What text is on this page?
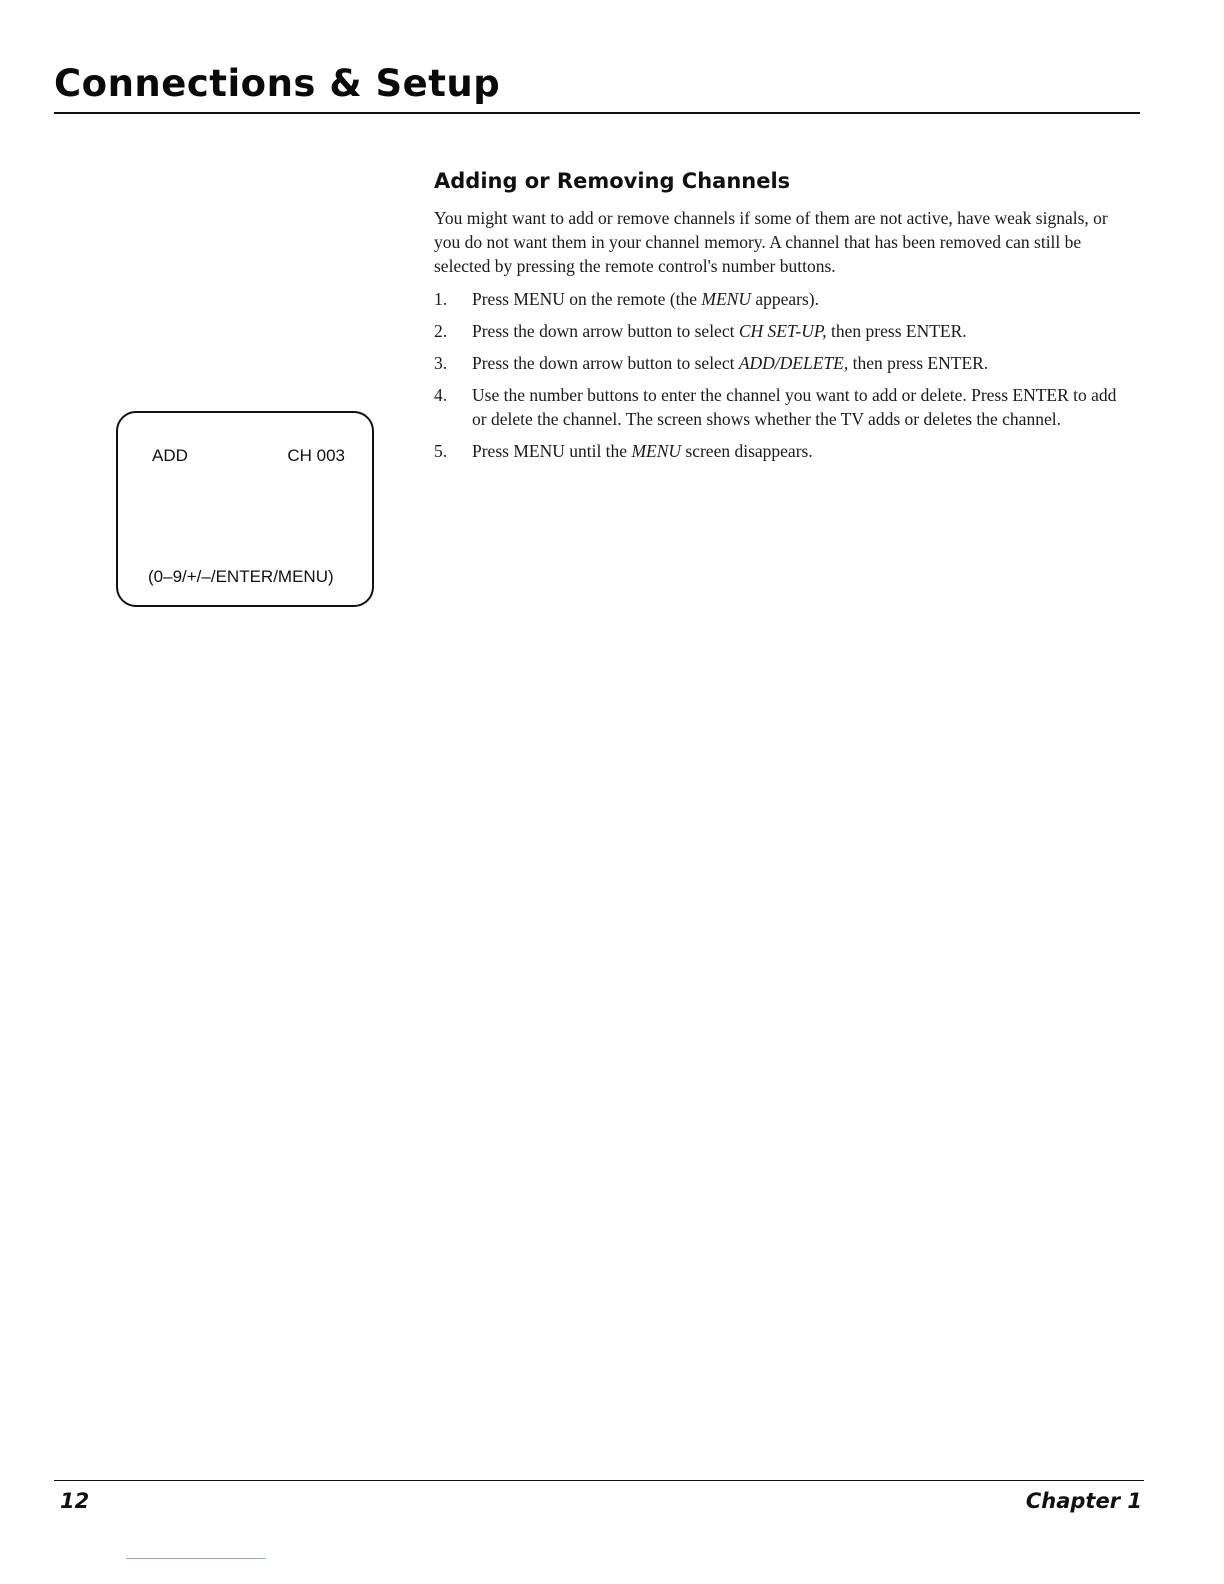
Connections & Setup
ADD	CH 003
(0–9/+/–/ENTER/MENU)
Adding or Removing Channels

You might want to add or remove channels if some of them are not active, have weak signals, or you do not want them in your channel memory. A channel that has been removed can still be selected by pressing the remote control's number buttons.

1. Press MENU on the remote (the MENU appears).
2. Press the down arrow button to select CH SET-UP, then press ENTER.
3. Press the down arrow button to select ADD/DELETE, then press ENTER.
4. Use the number buttons to enter the channel you want to add or delete. Press ENTER to add or delete the channel. The screen shows whether the TV adds or deletes the channel.
5. Press MENU until the MENU screen disappears.
12	Chapter 1
